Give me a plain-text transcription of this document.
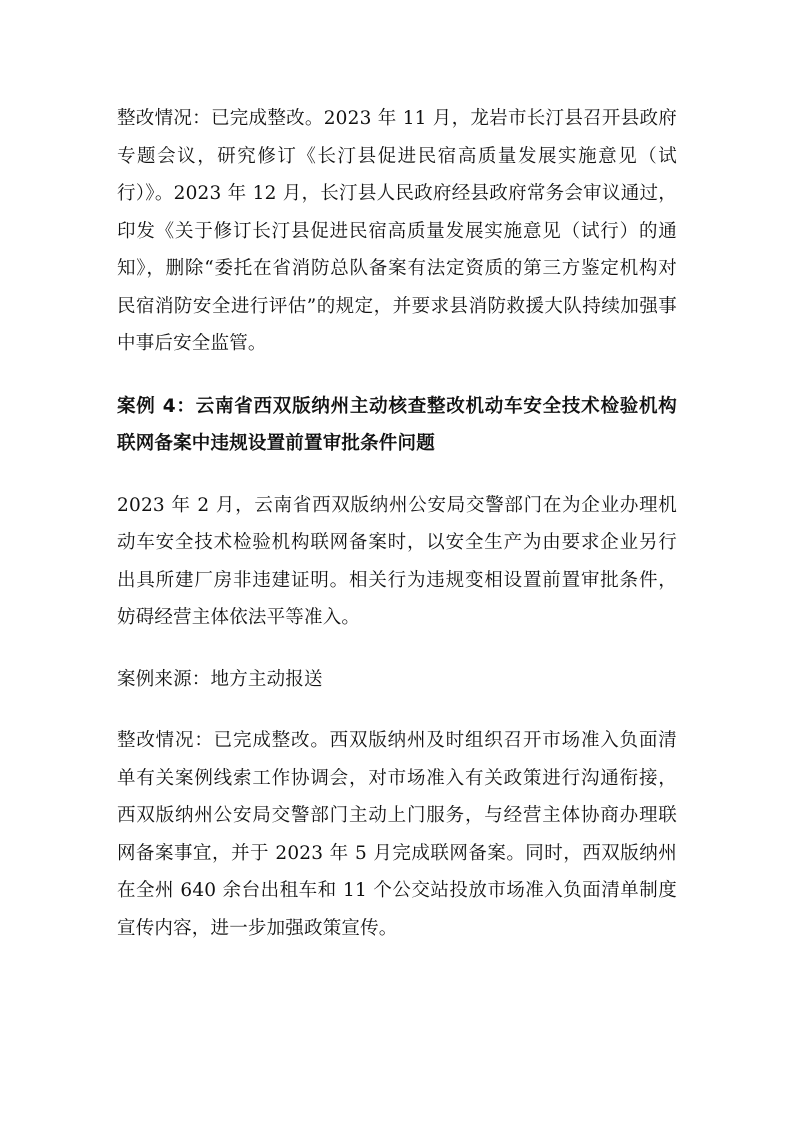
整改情况：已完成整改。2023 年 11 月，龙岩市长汀县召开县政府专题会议，研究修订《长汀县促进民宿高质量发展实施意见（试行）》。2023 年 12 月，长汀县人民政府经县政府常务会审议通过，印发《关于修订长汀县促进民宿高质量发展实施意见（试行）的通知》，删除“委托在省消防总队备案有法定资质的第三方鉴定机构对民宿消防安全进行评估”的规定，并要求县消防救援大队持续加强事中事后安全监管。

案例 4：云南省西双版纳州主动核查整改机动车安全技术检验机构联网备案中违规设置前置审批条件问题

2023 年 2 月，云南省西双版纳州公安局交警部门在为企业办理机动车安全技术检验机构联网备案时，以安全生产为由要求企业另行出具所建厂房非违建证明。相关行为违规变相设置前置审批条件，妨碍经营主体依法平等准入。

案例来源：地方主动报送

整改情况：已完成整改。西双版纳州及时组织召开市场准入负面清单有关案例线索工作协调会，对市场准入有关政策进行沟通衔接，西双版纳州公安局交警部门主动上门服务，与经营主体协商办理联网备案事宜，并于 2023 年 5 月完成联网备案。同时，西双版纳州在全州 640 余台出租车和 11 个公交站投放市场准入负面清单制度宣传内容，进一步加强政策宣传。
